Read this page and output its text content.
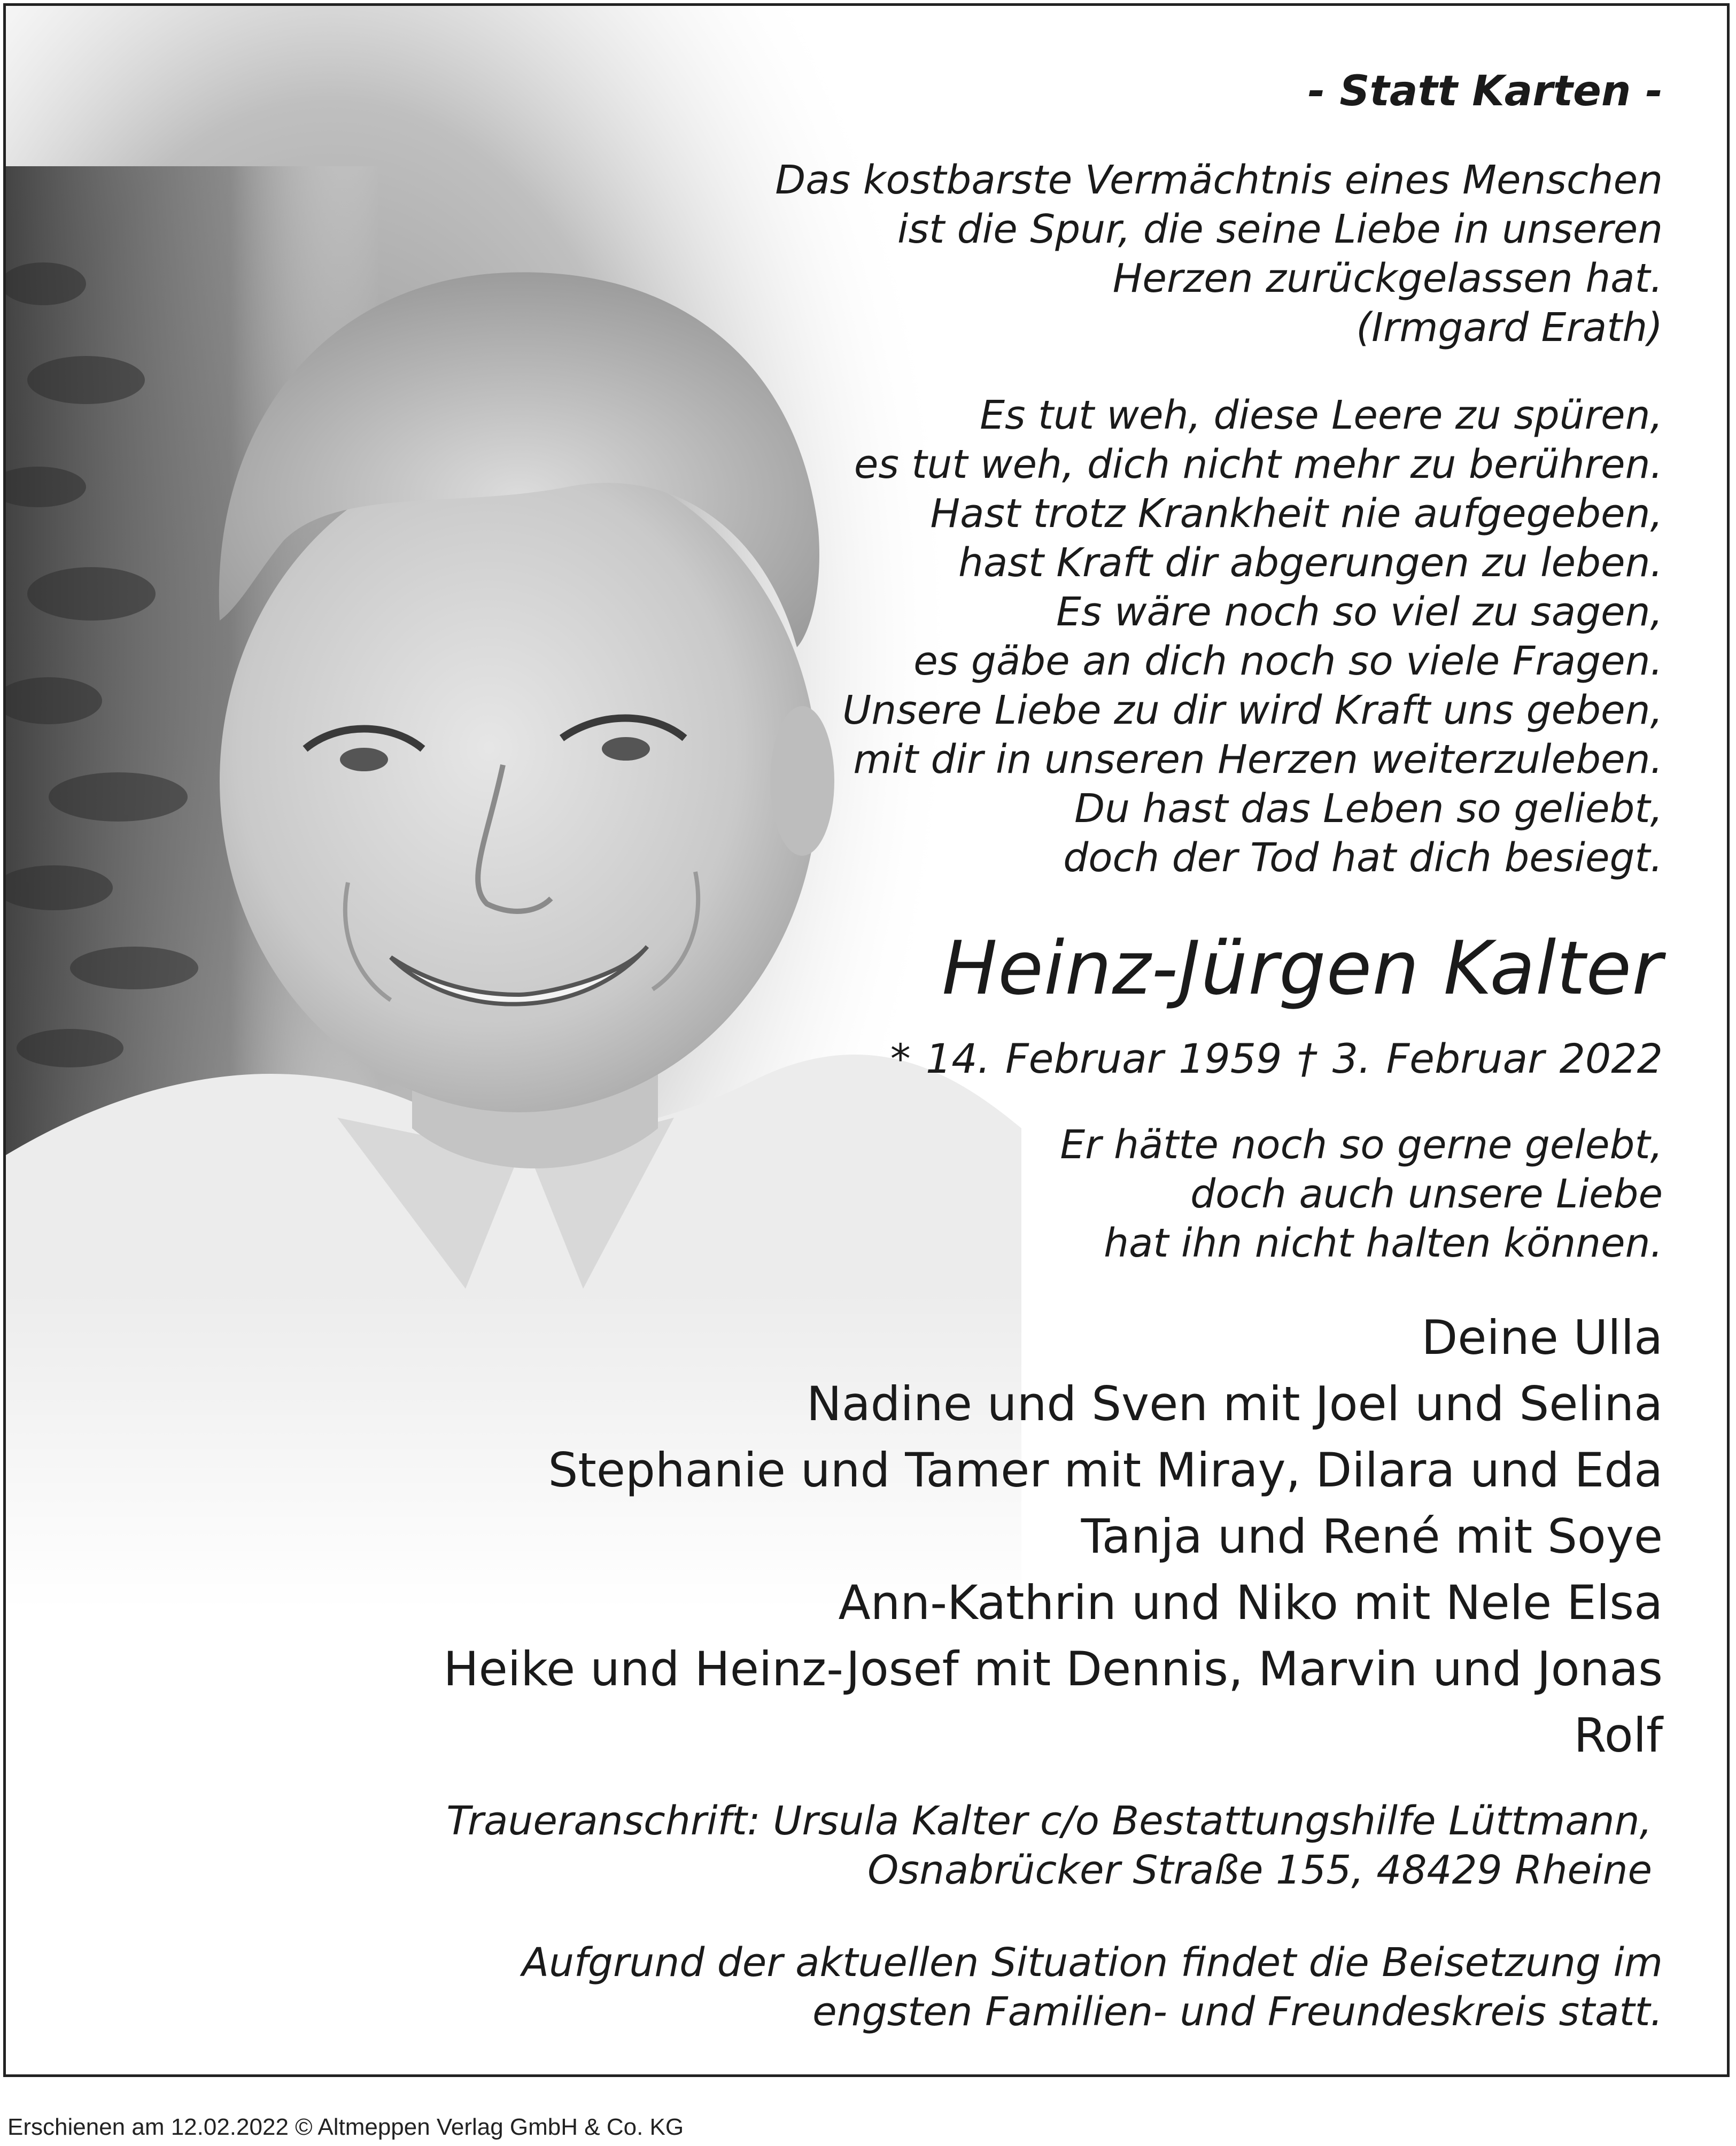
- Statt Karten -
Das kostbarste Vermächtnis eines Menschen
ist die Spur, die seine Liebe in unseren
Herzen zurückgelassen hat.
(Irmgard Erath)
Es tut weh, diese Leere zu spüren,
es tut weh, dich nicht mehr zu berühren.
Hast trotz Krankheit nie aufgegeben,
hast Kraft dir abgerungen zu leben.
Es wäre noch so viel zu sagen,
es gäbe an dich noch so viele Fragen.
Unsere Liebe zu dir wird Kraft uns geben,
mit dir in unseren Herzen weiterzuleben.
Du hast das Leben so geliebt,
doch der Tod hat dich besiegt.
Heinz-Jürgen Kalter
* 14. Februar 1959 † 3. Februar 2022
Er hätte noch so gerne gelebt,
doch auch unsere Liebe
hat ihn nicht halten können.
Deine Ulla
Nadine und Sven mit Joel und Selina
Stephanie und Tamer mit Miray, Dilara und Eda
Tanja und René mit Soye
Ann-Kathrin und Niko mit Nele Elsa
Heike und Heinz-Josef mit Dennis, Marvin und Jonas
Rolf
Traueranschrift: Ursula Kalter c/o Bestattungshilfe Lüttmann,
Osnabrücker Straße 155, 48429 Rheine
Aufgrund der aktuellen Situation findet die Beisetzung im
engsten Familien- und Freundeskreis statt.
Erschienen am 12.02.2022 © Altmeppen Verlag GmbH & Co. KG
